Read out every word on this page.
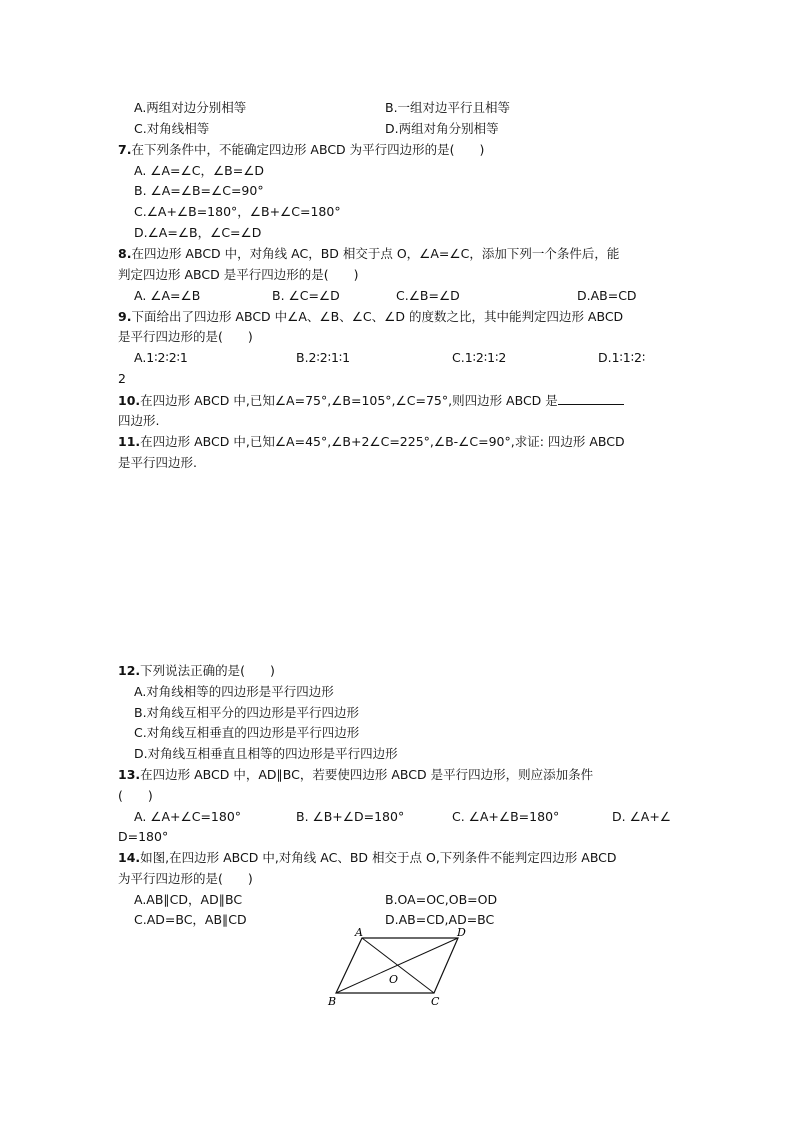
A.两组对边分别相等	B.一组对边平行且相等
C.对角线相等	D.两组对角分别相等
7.在下列条件中，不能确定四边形 ABCD 为平行四边形的是(　　)
A. ∠A=∠C，∠B=∠D
B. ∠A=∠B=∠C=90°
C.∠A+∠B=180°，∠B+∠C=180°
D.∠A=∠B，∠C=∠D
8.在四边形 ABCD 中，对角线 AC，BD 相交于点 O，∠A=∠C，添加下列一个条件后，能
判定四边形 ABCD 是平行四边形的是(　　)
A. ∠A=∠B	B. ∠C=∠D	C.∠B=∠D	D.AB=CD
9.下面给出了四边形 ABCD 中∠A、∠B、∠C、∠D 的度数之比，其中能判定四边形 ABCD
是平行四边形的是(　　)
A.1∶2∶2∶1	B.2∶2∶1∶1	C.1∶2∶1∶2	D.1∶1∶2∶
2
10.在四边形 ABCD 中,已知∠A=75°,∠B=105°,∠C=75°,则四边形 ABCD 是
四边形.
11.在四边形 ABCD 中,已知∠A=45°,∠B+2∠C=225°,∠B-∠C=90°,求证: 四边形 ABCD
是平行四边形.
12.下列说法正确的是(　　)
A.对角线相等的四边形是平行四边形
B.对角线互相平分的四边形是平行四边形
C.对角线互相垂直的四边形是平行四边形
D.对角线互相垂直且相等的四边形是平行四边形
13.在四边形 ABCD 中，AD∥BC，若要使四边形 ABCD 是平行四边形，则应添加条件
(　　)
A. ∠A+∠C=180°	B. ∠B+∠D=180°	C. ∠A+∠B=180°	D. ∠A+∠
D=180°
14.如图,在四边形 ABCD 中,对角线 AC、BD 相交于点 O,下列条件不能判定四边形 ABCD
为平行四边形的是(　　)
A.AB∥CD，AD∥BC	B.OA=OC,OB=OD
C.AD=BC，AB∥CD	D.AB=CD,AD=BC
A	D
B	C
O
